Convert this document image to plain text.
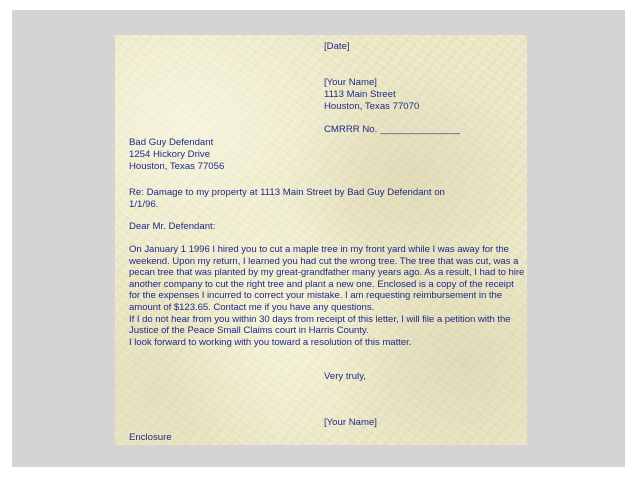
[Date]
[Your Name]
1113 Main Street
Houston, Texas 77070
CMRRR No. _______________
Bad Guy Defendant
1254 Hickory Drive
Houston, Texas 77056
Re: Damage to my property at 1113 Main Street by Bad Guy Defendant on
1/1/96.
Dear Mr. Defendant:

On January 1 1996 I hired you to cut a maple tree in my front yard while I was away for the weekend. Upon my return, I learned you had cut the wrong tree. The tree that was cut, was a pecan tree that was planted by my great-grandfather many years ago. As a result, I had to hire another company to cut the right tree and plant a new one. Enclosed is a copy of the receipt for the expenses I incurred to correct your mistake. I am requesting reimbursement in the amount of $123.65. Contact me if you have any questions.

If I do not hear from you within 30 days from receipt of this letter, I will file a petition with the Justice of the Peace Small Claims court in Harris County.

I look forward to working with you toward a resolution of this matter.

Very truly,
[Your Name]
Enclosure
